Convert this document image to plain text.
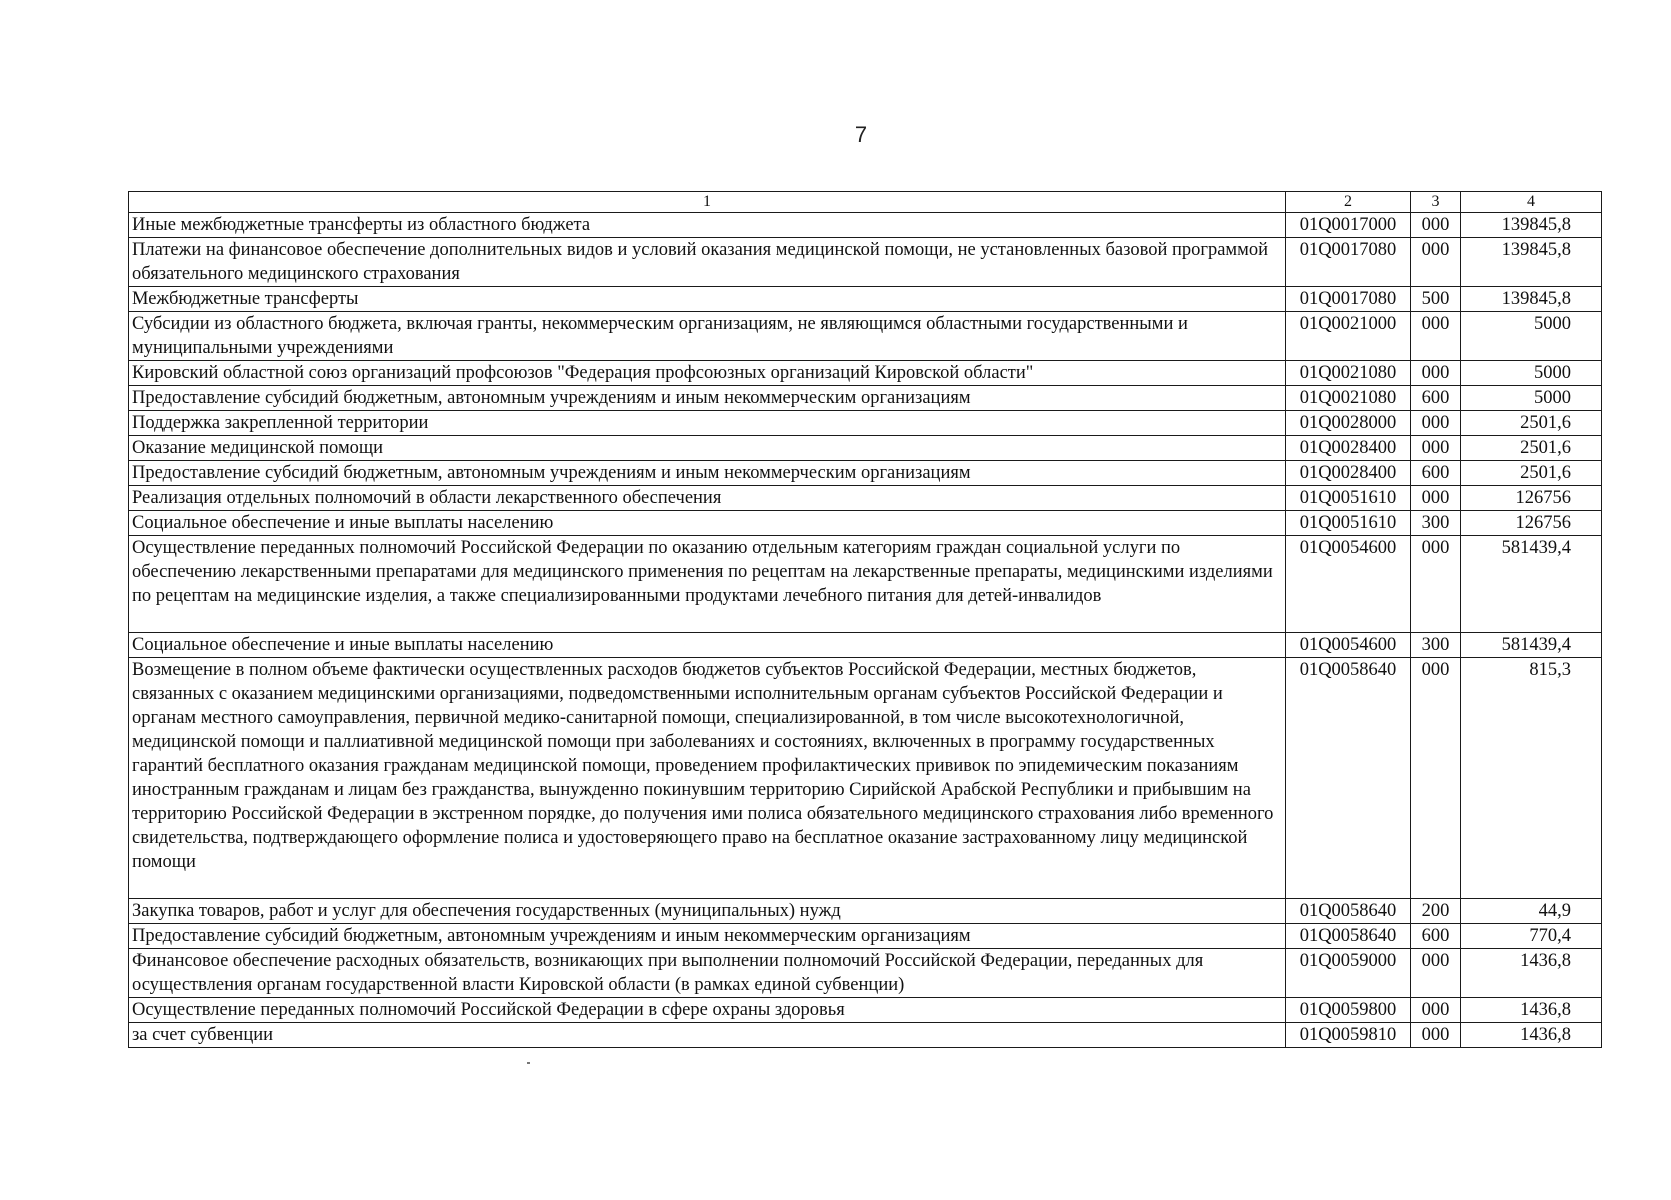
7
1	2	3	4
Иные межбюджетные трансферты из областного бюджета	01Q0017000	000	139845,8
Платежи на финансовое обеспечение дополнительных видов и условий оказания медицинской помощи, не установленных базовой программой обязательного медицинского страхования	01Q0017080	000	139845,8
Межбюджетные трансферты	01Q0017080	500	139845,8
Субсидии из областного бюджета, включая гранты, некоммерческим организациям, не являющимся областными государственными и муниципальными учреждениями	01Q0021000	000	5000
Кировский областной союз организаций профсоюзов "Федерация профсоюзных организаций Кировской области"	01Q0021080	000	5000
Предоставление субсидий бюджетным, автономным учреждениям и иным некоммерческим организациям	01Q0021080	600	5000
Поддержка закрепленной территории	01Q0028000	000	2501,6
Оказание медицинской помощи	01Q0028400	000	2501,6
Предоставление субсидий бюджетным, автономным учреждениям и иным некоммерческим организациям	01Q0028400	600	2501,6
Реализация отдельных полномочий в области лекарственного обеспечения	01Q0051610	000	126756
Социальное обеспечение и иные выплаты населению	01Q0051610	300	126756
Осуществление переданных полномочий Российской Федерации по оказанию отдельным категориям граждан социальной услуги по обеспечению лекарственными препаратами для медицинского применения по рецептам на лекарственные препараты, медицинскими изделиями по рецептам на медицинские изделия, а также специализированными продуктами лечебного питания для детей-инвалидов	01Q0054600	000	581439,4
Социальное обеспечение и иные выплаты населению	01Q0054600	300	581439,4
Возмещение в полном объеме фактически осуществленных расходов бюджетов субъектов Российской Федерации, местных бюджетов, связанных с оказанием медицинскими организациями, подведомственными исполнительным органам субъектов Российской Федерации и органам местного самоуправления, первичной медико-санитарной помощи, специализированной, в том числе высокотехнологичной, медицинской помощи и паллиативной медицинской помощи при заболеваниях и состояниях, включенных в программу государственных гарантий бесплатного оказания гражданам медицинской помощи, проведением профилактических прививок по эпидемическим показаниям иностранным гражданам и лицам без гражданства, вынужденно покинувшим территорию Сирийской Арабской Республики и прибывшим на территорию Российской Федерации в экстренном порядке, до получения ими полиса обязательного медицинского страхования либо временного свидетельства, подтверждающего оформление полиса и удостоверяющего право на бесплатное оказание застрахованному лицу медицинской помощи	01Q0058640	000	815,3
Закупка товаров, работ и услуг для обеспечения государственных (муниципальных) нужд	01Q0058640	200	44,9
Предоставление субсидий бюджетным, автономным учреждениям и иным некоммерческим организациям	01Q0058640	600	770,4
Финансовое обеспечение расходных обязательств, возникающих при выполнении полномочий Российской Федерации, переданных для осуществления органам государственной власти Кировской области (в рамках единой субвенции)	01Q0059000	000	1436,8
Осуществление переданных полномочий Российской Федерации в сфере охраны здоровья	01Q0059800	000	1436,8
за счет субвенции	01Q0059810	000	1436,8
